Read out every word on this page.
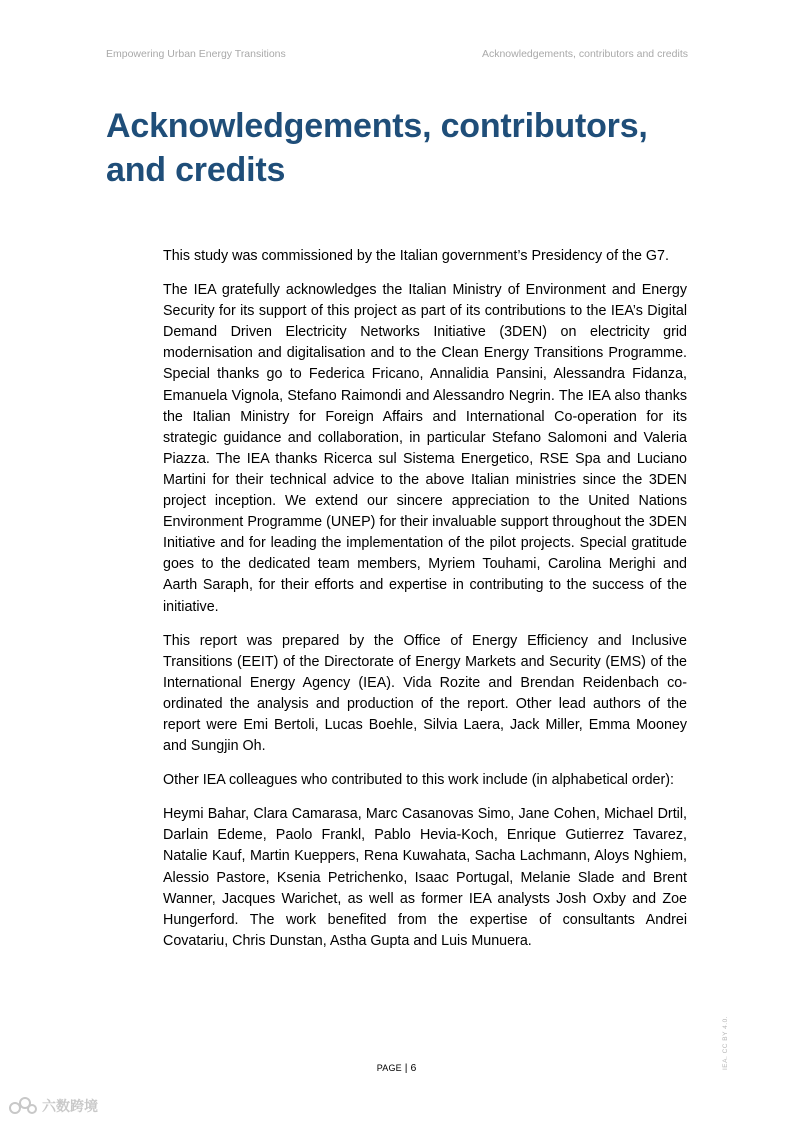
Empowering Urban Energy Transitions	Acknowledgements, contributors and credits
Acknowledgements, contributors,
and credits

This study was commissioned by the Italian government’s Presidency of the G7.

The IEA gratefully acknowledges the Italian Ministry of Environment and Energy Security for its support of this project as part of its contributions to the IEA’s Digital Demand Driven Electricity Networks Initiative (3DEN) on electricity grid modernisation and digitalisation and to the Clean Energy Transitions Programme. Special thanks go to Federica Fricano, Annalidia Pansini, Alessandra Fidanza, Emanuela Vignola, Stefano Raimondi and Alessandro Negrin. The IEA also thanks the Italian Ministry for Foreign Affairs and International Co-operation for its strategic guidance and collaboration, in particular Stefano Salomoni and Valeria Piazza. The IEA thanks Ricerca sul Sistema Energetico, RSE Spa and Luciano Martini for their technical advice to the above Italian ministries since the 3DEN project inception. We extend our sincere appreciation to the United Nations Environment Programme (UNEP) for their invaluable support throughout the 3DEN Initiative and for leading the implementation of the pilot projects. Special gratitude goes to the dedicated team members, Myriem Touhami, Carolina Merighi and Aarth Saraph, for their efforts and expertise in contributing to the success of the initiative.

This report was prepared by the Office of Energy Efficiency and Inclusive Transitions (EEIT) of the Directorate of Energy Markets and Security (EMS) of the International Energy Agency (IEA). Vida Rozite and Brendan Reidenbach co-ordinated the analysis and production of the report. Other lead authors of the report were Emi Bertoli, Lucas Boehle, Silvia Laera, Jack Miller, Emma Mooney and Sungjin Oh.

Other IEA colleagues who contributed to this work include (in alphabetical order):

Heymi Bahar, Clara Camarasa, Marc Casanovas Simo, Jane Cohen, Michael Drtil, Darlain Edeme, Paolo Frankl, Pablo Hevia-Koch, Enrique Gutierrez Tavarez, Natalie Kauf, Martin Kueppers, Rena Kuwahata, Sacha Lachmann, Aloys Nghiem, Alessio Pastore, Ksenia Petrichenko, Isaac Portugal, Melanie Slade and Brent Wanner, Jacques Warichet, as well as former IEA analysts Josh Oxby and Zoe Hungerford. The work benefited from the expertise of consultants Andrei Covatariu, Chris Dunstan, Astha Gupta and Luis Munuera.

PAGE | 6	IEA. CC BY 4.0.
六数跨境
